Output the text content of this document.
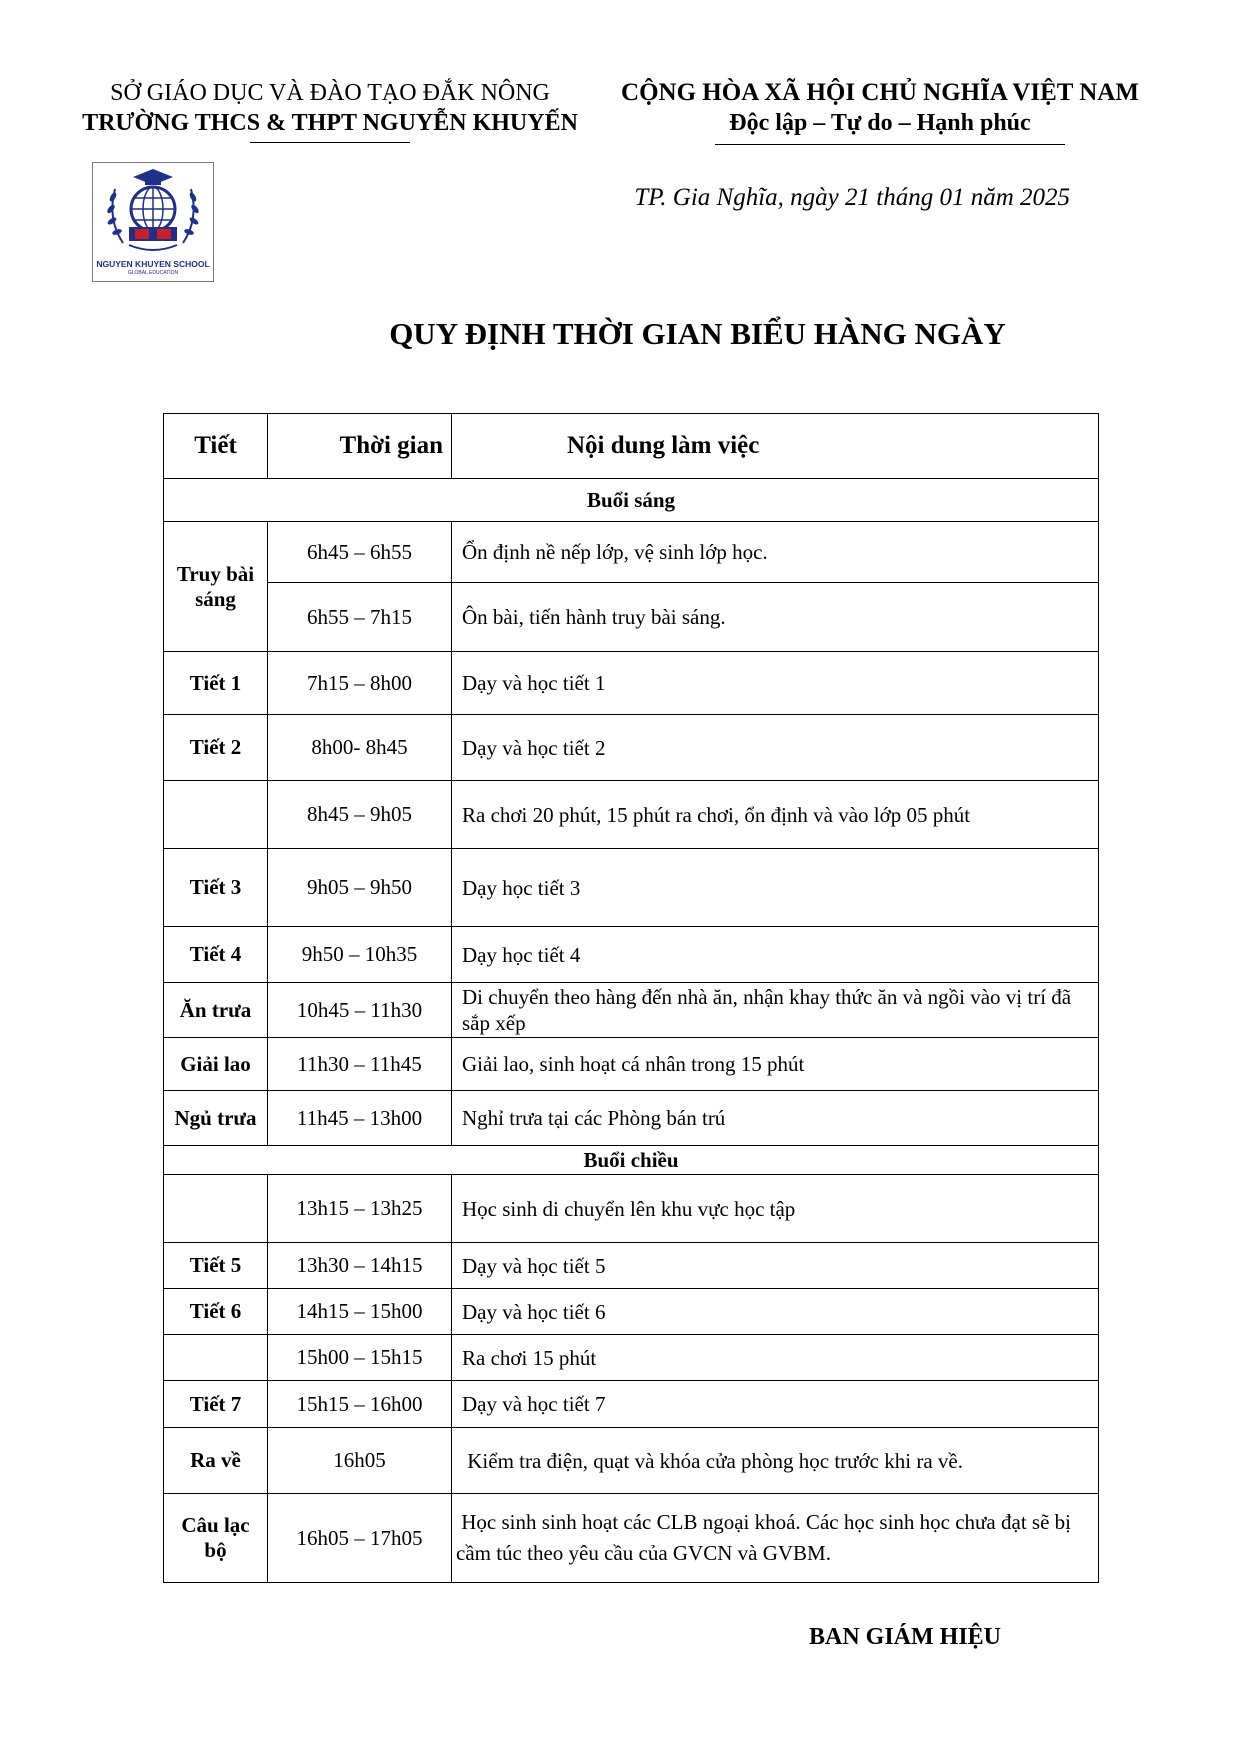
SỞ GIÁO DỤC VÀ ĐÀO TẠO ĐẮK NÔNG
TRƯỜNG THCS & THPT NGUYỄN KHUYẾN
CỘNG HÒA XÃ HỘI CHỦ NGHĨA VIỆT NAM
Độc lập – Tự do – Hạnh phúc
NGUYEN KHUYEN SCHOOL
GLOBAL EDUCATION
TP. Gia Nghĩa, ngày 21 tháng 01 năm 2025
QUY ĐỊNH THỜI GIAN BIỂU HÀNG NGÀY
Tiết	Thời gian	Nội dung làm việc
Buổi sáng		
Truy bài sáng	6h45 – 6h55	Ổn định nề nếp lớp, vệ sinh lớp học.
	6h55 – 7h15	Ôn bài, tiến hành truy bài sáng.
Tiết 1	7h15 – 8h00	Dạy và học tiết 1
Tiết 2	8h00- 8h45	Dạy và học tiết 2
	8h45 – 9h05	Ra chơi 20 phút, 15 phút ra chơi, ổn định và vào lớp 05 phút
Tiết 3	9h05 – 9h50	Dạy học tiết 3
Tiết 4	9h50 – 10h35	Dạy học tiết 4
Ăn trưa	10h45 – 11h30	Di chuyển theo hàng đến nhà ăn, nhận khay thức ăn và ngồi vào vị trí đã sắp xếp
Giải lao	11h30 – 11h45	Giải lao, sinh hoạt cá nhân trong 15 phút
Ngủ trưa	11h45 – 13h00	Nghỉ trưa tại các Phòng bán trú
Buổi chiều		
	13h15 – 13h25	Học sinh di chuyển lên khu vực học tập
Tiết 5	13h30 – 14h15	Dạy và học tiết 5
Tiết 6	14h15 – 15h00	Dạy và học tiết 6
	15h00 – 15h15	Ra chơi 15 phút
Tiết 7	15h15 – 16h00	Dạy và học tiết 7
Ra về	16h05	Kiểm tra điện, quạt và khóa cửa phòng học trước khi ra về.
Câu lạc bộ	16h05 – 17h05	Học sinh sinh hoạt các CLB ngoại khoá. Các học sinh học chưa đạt sẽ bị cầm túc theo yêu cầu của GVCN và GVBM.
BAN GIÁM HIỆU
